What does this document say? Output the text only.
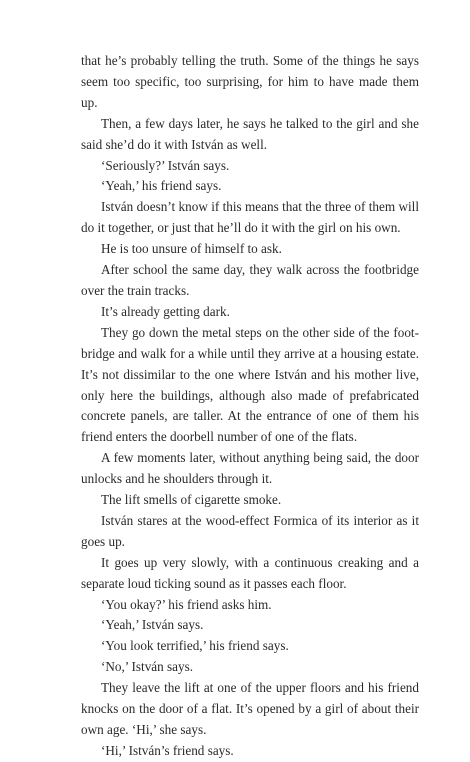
that he’s probably telling the truth. Some of the things he says seem too specific, too surprising, for him to have made them up.

Then, a few days later, he says he talked to the girl and she said she’d do it with István as well.

‘Seriously?’ István says.

‘Yeah,’ his friend says.

István doesn’t know if this means that the three of them will do it together, or just that he’ll do it with the girl on his own.

He is too unsure of himself to ask.

After school the same day, they walk across the footbridge over the train tracks.

It’s already getting dark.

They go down the metal steps on the other side of the footbridge and walk for a while until they arrive at a housing estate. It’s not dissimilar to the one where István and his mother live, only here the buildings, although also made of prefabricated concrete panels, are taller. At the entrance of one of them his friend enters the doorbell number of one of the flats.

A few moments later, without anything being said, the door unlocks and he shoulders through it.

The lift smells of cigarette smoke.

István stares at the wood-effect Formica of its interior as it goes up.

It goes up very slowly, with a continuous creaking and a separate loud ticking sound as it passes each floor.

‘You okay?’ his friend asks him.

‘Yeah,’ István says.

‘You look terrified,’ his friend says.

‘No,’ István says.

They leave the lift at one of the upper floors and his friend knocks on the door of a flat. It’s opened by a girl of about their own age. ‘Hi,’ she says.

‘Hi,’ István’s friend says.
